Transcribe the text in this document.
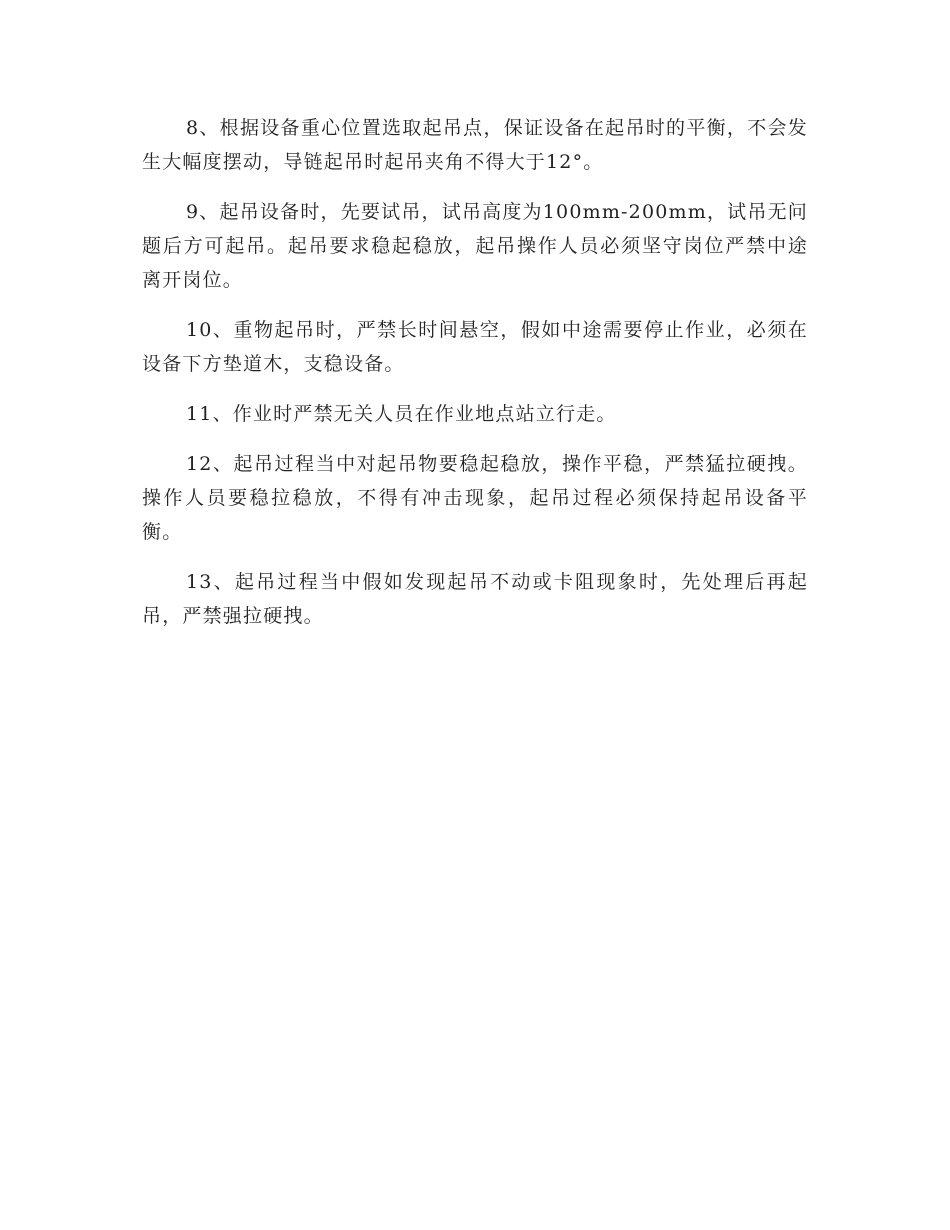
8、根据设备重心位置选取起吊点，保证设备在起吊时的平衡，不会发生大幅度摆动，导链起吊时起吊夹角不得大于12°。

9、起吊设备时，先要试吊，试吊高度为100mm-200mm，试吊无问题后方可起吊。起吊要求稳起稳放，起吊操作人员必须坚守岗位严禁中途离开岗位。

10、重物起吊时，严禁长时间悬空，假如中途需要停止作业，必须在设备下方垫道木，支稳设备。

11、作业时严禁无关人员在作业地点站立行走。

12、起吊过程当中对起吊物要稳起稳放，操作平稳，严禁猛拉硬拽。 操作人员要稳拉稳放，不得有冲击现象，起吊过程必须保持起吊设备平衡。

13、起吊过程当中假如发现起吊不动或卡阻现象时，先处理后再起吊，严禁强拉硬拽。
